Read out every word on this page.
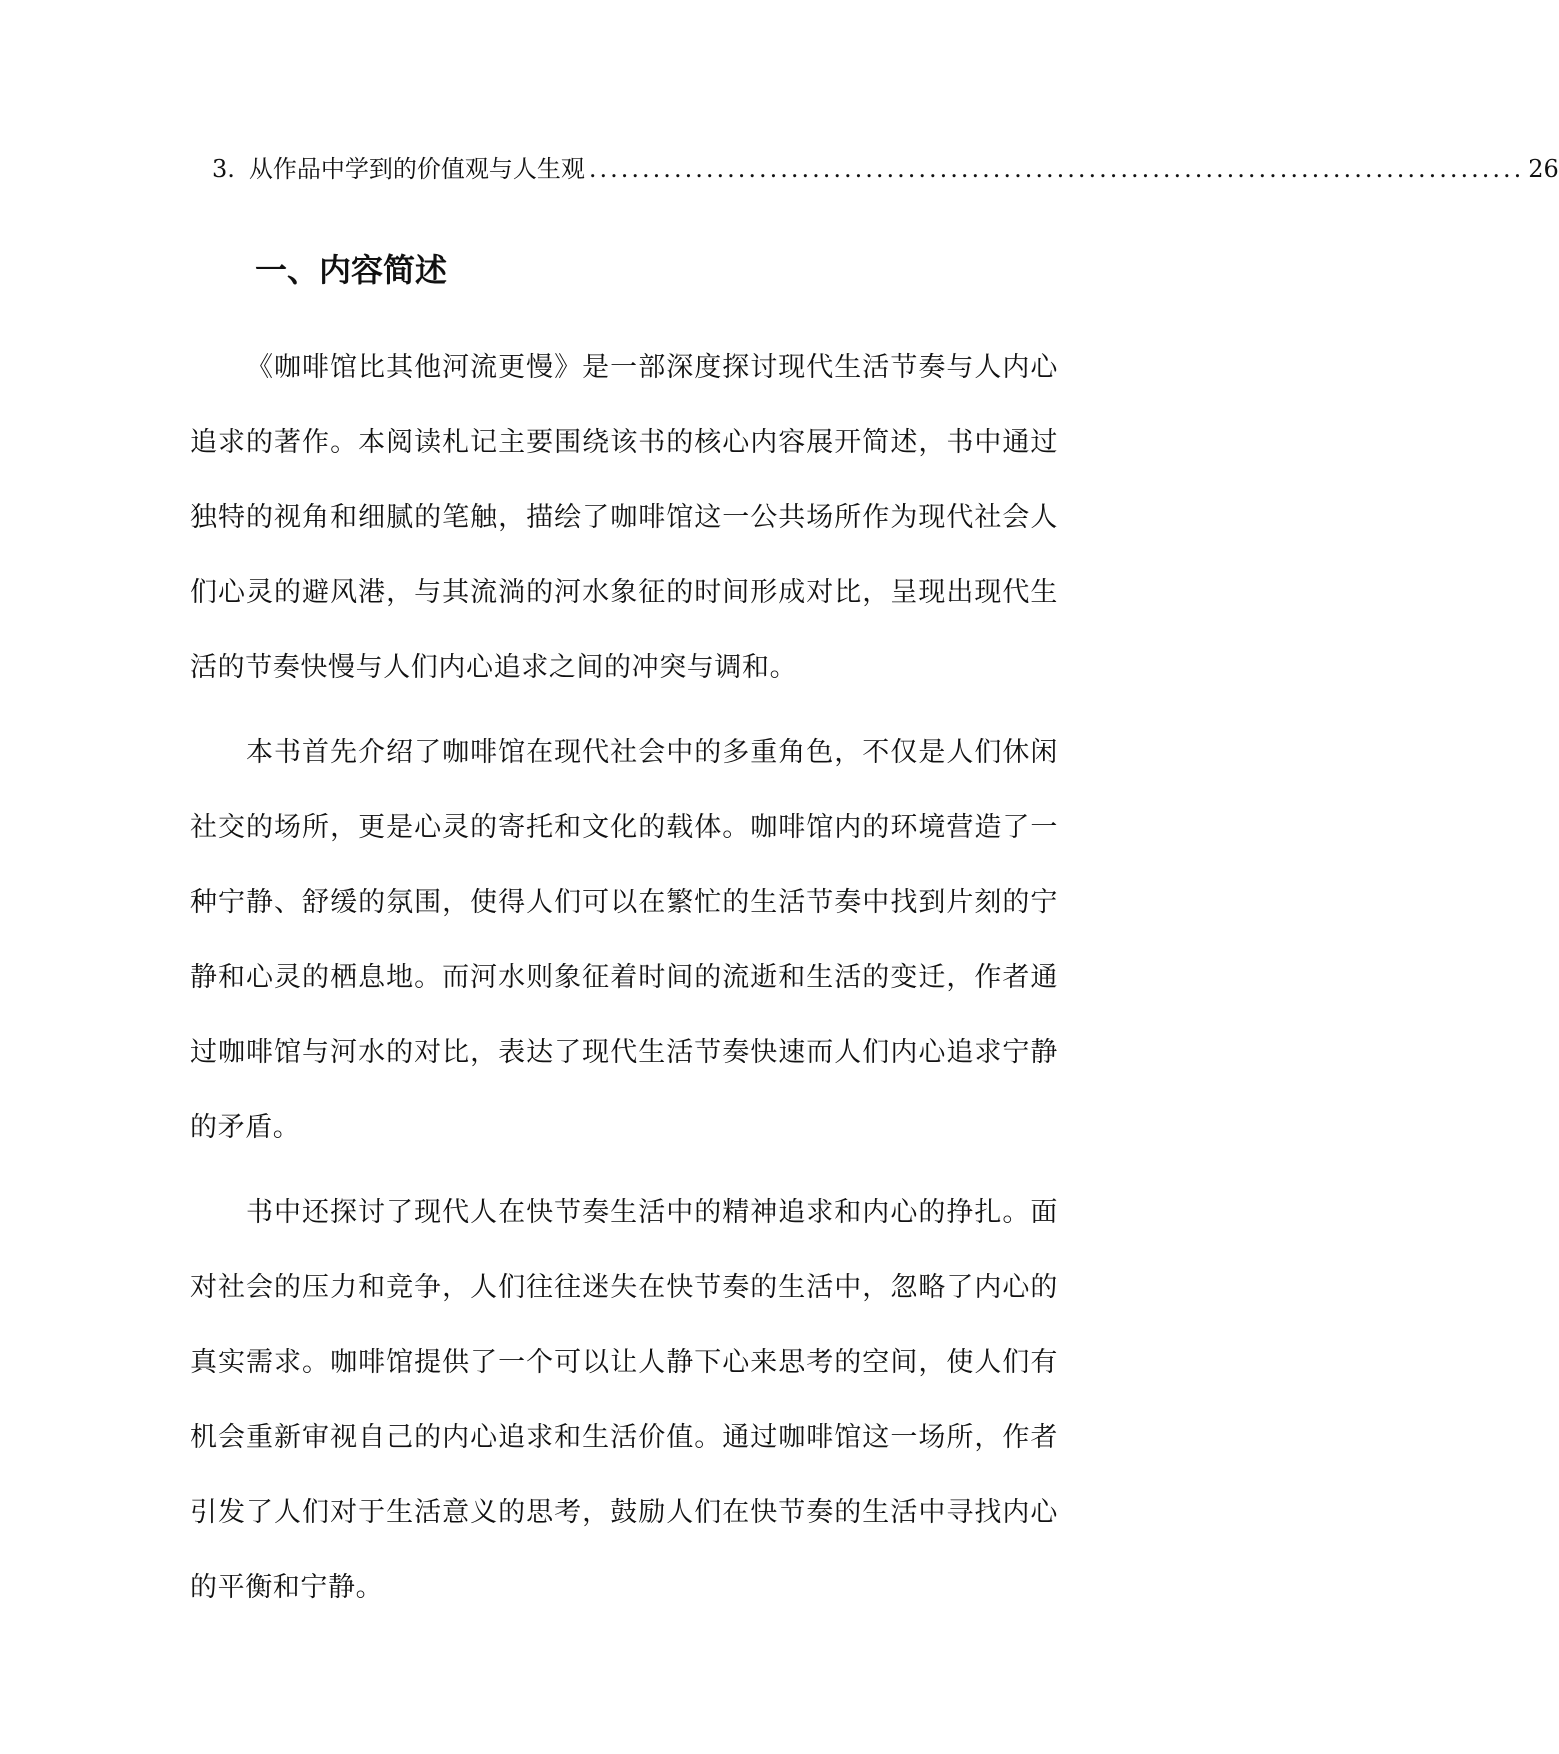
3. 从作品中学到的价值观与人生观 ........................................................................................ 26
一、内容简述

《咖啡馆比其他河流更慢》是一部深度探讨现代生活节奏与人内心追求的著作。本阅读札记主要围绕该书的核心内容展开简述，书中通过独特的视角和细腻的笔触，描绘了咖啡馆这一公共场所作为现代社会人们心灵的避风港，与其流淌的河水象征的时间形成对比，呈现出现代生活的节奏快慢与人们内心追求之间的冲突与调和。

本书首先介绍了咖啡馆在现代社会中的多重角色，不仅是人们休闲社交的场所，更是心灵的寄托和文化的载体。咖啡馆内的环境营造了一种宁静、舒缓的氛围，使得人们可以在繁忙的生活节奏中找到片刻的宁静和心灵的栖息地。而河水则象征着时间的流逝和生活的变迁，作者通过咖啡馆与河水的对比，表达了现代生活节奏快速而人们内心追求宁静的矛盾。

书中还探讨了现代人在快节奏生活中的精神追求和内心的挣扎。面对社会的压力和竞争，人们往往迷失在快节奏的生活中，忽略了内心的真实需求。咖啡馆提供了一个可以让人静下心来思考的空间，使人们有机会重新审视自己的内心追求和生活价值。通过咖啡馆这一场所，作者引发了人们对于生活意义的思考，鼓励人们在快节奏的生活中寻找内心的平衡和宁静。
